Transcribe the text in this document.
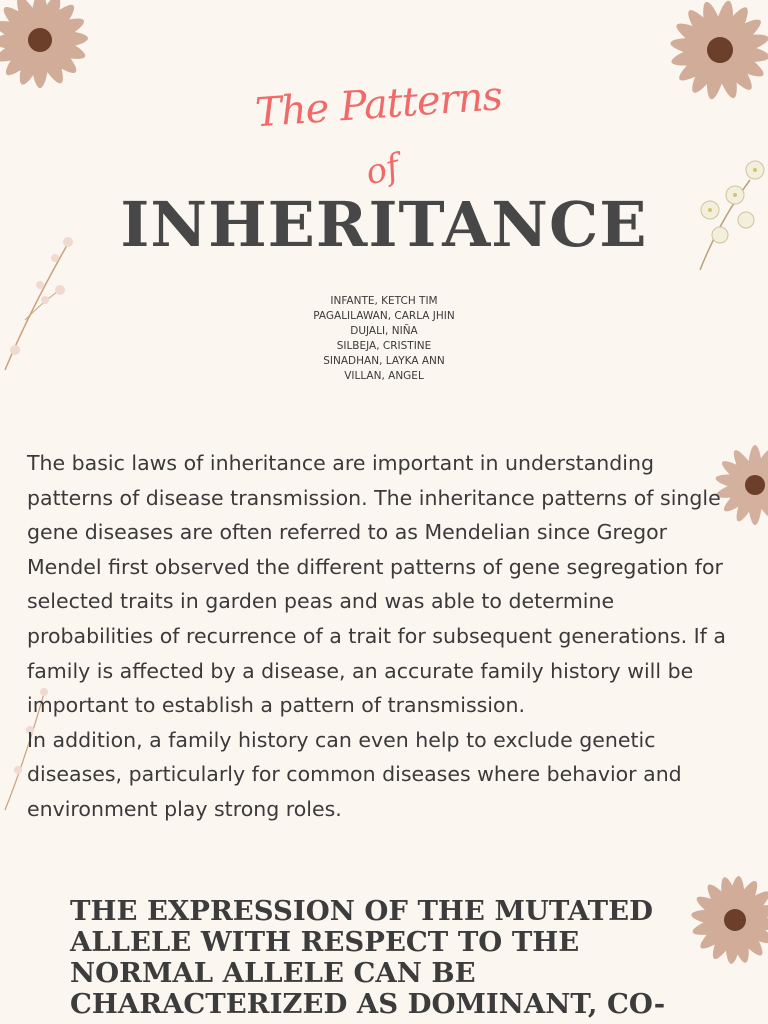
The Patterns
of
INHERITANCE
INFANTE, KETCH TIM
PAGALILAWAN, CARLA JHIN
DUJALI, NIÑA
SILBEJA, CRISTINE
SINADHAN, LAYKA ANN
VILLAN, ANGEL

The basic laws of inheritance are important in understanding patterns of disease transmission. The inheritance patterns of single gene diseases are often referred to as Mendelian since Gregor Mendel first observed the different patterns of gene segregation for selected traits in garden peas and was able to determine probabilities of recurrence of a trait for subsequent generations. If a family is affected by a disease, an accurate family history will be important to establish a pattern of transmission.

In addition, a family history can even help to exclude genetic diseases, particularly for common diseases where behavior and environment play strong roles.

THE EXPRESSION OF THE MUTATED ALLELE WITH RESPECT TO THE NORMAL ALLELE CAN BE CHARACTERIZED AS DOMINANT, CO-
